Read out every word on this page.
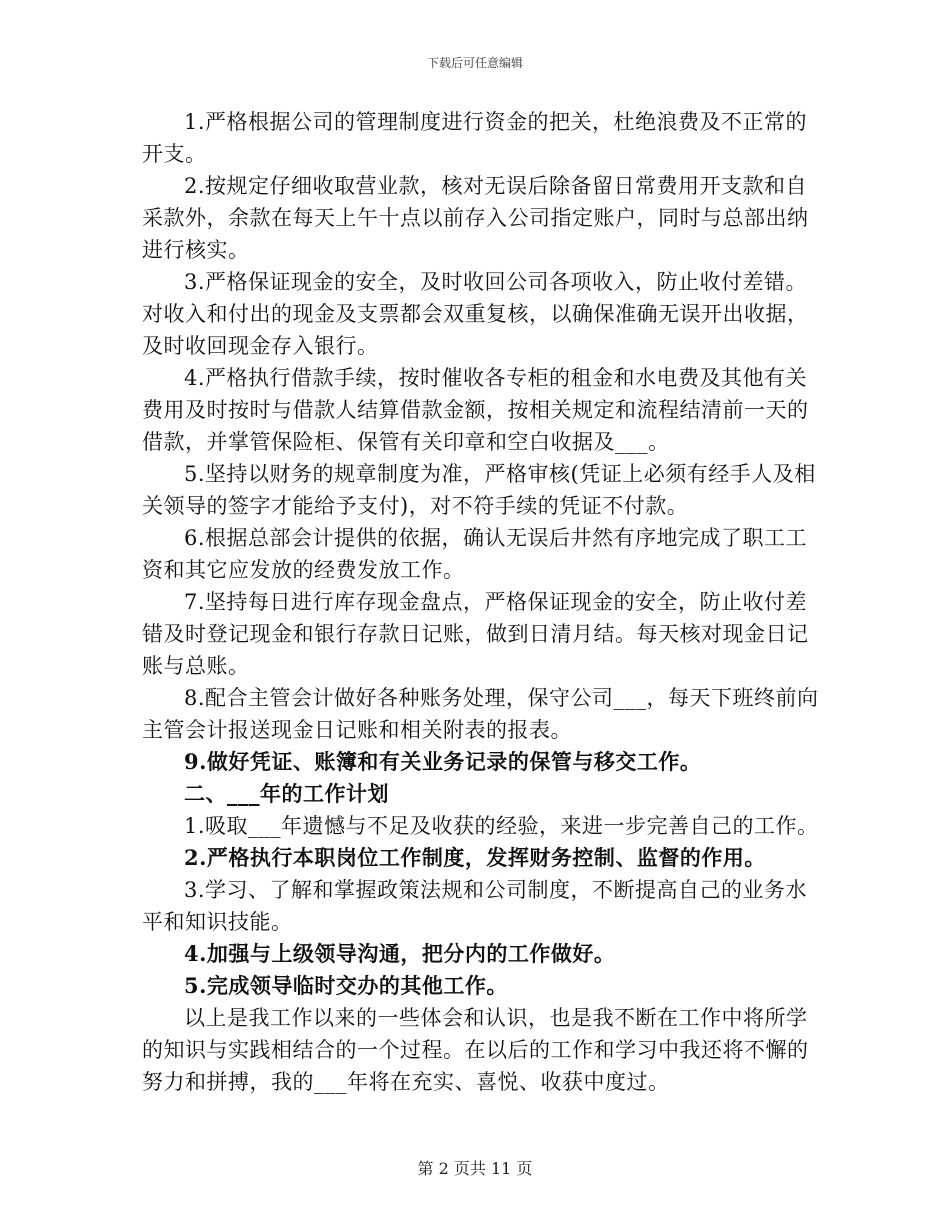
下载后可任意编辑

1.严格根据公司的管理制度进行资金的把关，杜绝浪费及不正常的开支。

2.按规定仔细收取营业款，核对无误后除备留日常费用开支款和自采款外，余款在每天上午十点以前存入公司指定账户，同时与总部出纳进行核实。

3.严格保证现金的安全，及时收回公司各项收入，防止收付差错。对收入和付出的现金及支票都会双重复核，以确保准确无误开出收据，及时收回现金存入银行。

4.严格执行借款手续，按时催收各专柜的租金和水电费及其他有关费用及时按时与借款人结算借款金额，按相关规定和流程结清前一天的借款，并掌管保险柜、保管有关印章和空白收据及___。

5.坚持以财务的规章制度为准，严格审核(凭证上必须有经手人及相关领导的签字才能给予支付)，对不符手续的凭证不付款。

6.根据总部会计提供的依据，确认无误后井然有序地完成了职工工资和其它应发放的经费发放工作。

7.坚持每日进行库存现金盘点，严格保证现金的安全，防止收付差错及时登记现金和银行存款日记账，做到日清月结。每天核对现金日记账与总账。

8.配合主管会计做好各种账务处理，保守公司___，每天下班终前向主管会计报送现金日记账和相关附表的报表。

9.做好凭证、账簿和有关业务记录的保管与移交工作。

二、___年的工作计划

1.吸取___年遗憾与不足及收获的经验，来进一步完善自己的工作。

2.严格执行本职岗位工作制度，发挥财务控制、监督的作用。

3.学习、了解和掌握政策法规和公司制度，不断提高自己的业务水平和知识技能。

4.加强与上级领导沟通，把分内的工作做好。

5.完成领导临时交办的其他工作。

以上是我工作以来的一些体会和认识，也是我不断在工作中将所学的知识与实践相结合的一个过程。在以后的工作和学习中我还将不懈的努力和拼搏，我的___年将在充实、喜悦、收获中度过。

第 2 页共 11 页
